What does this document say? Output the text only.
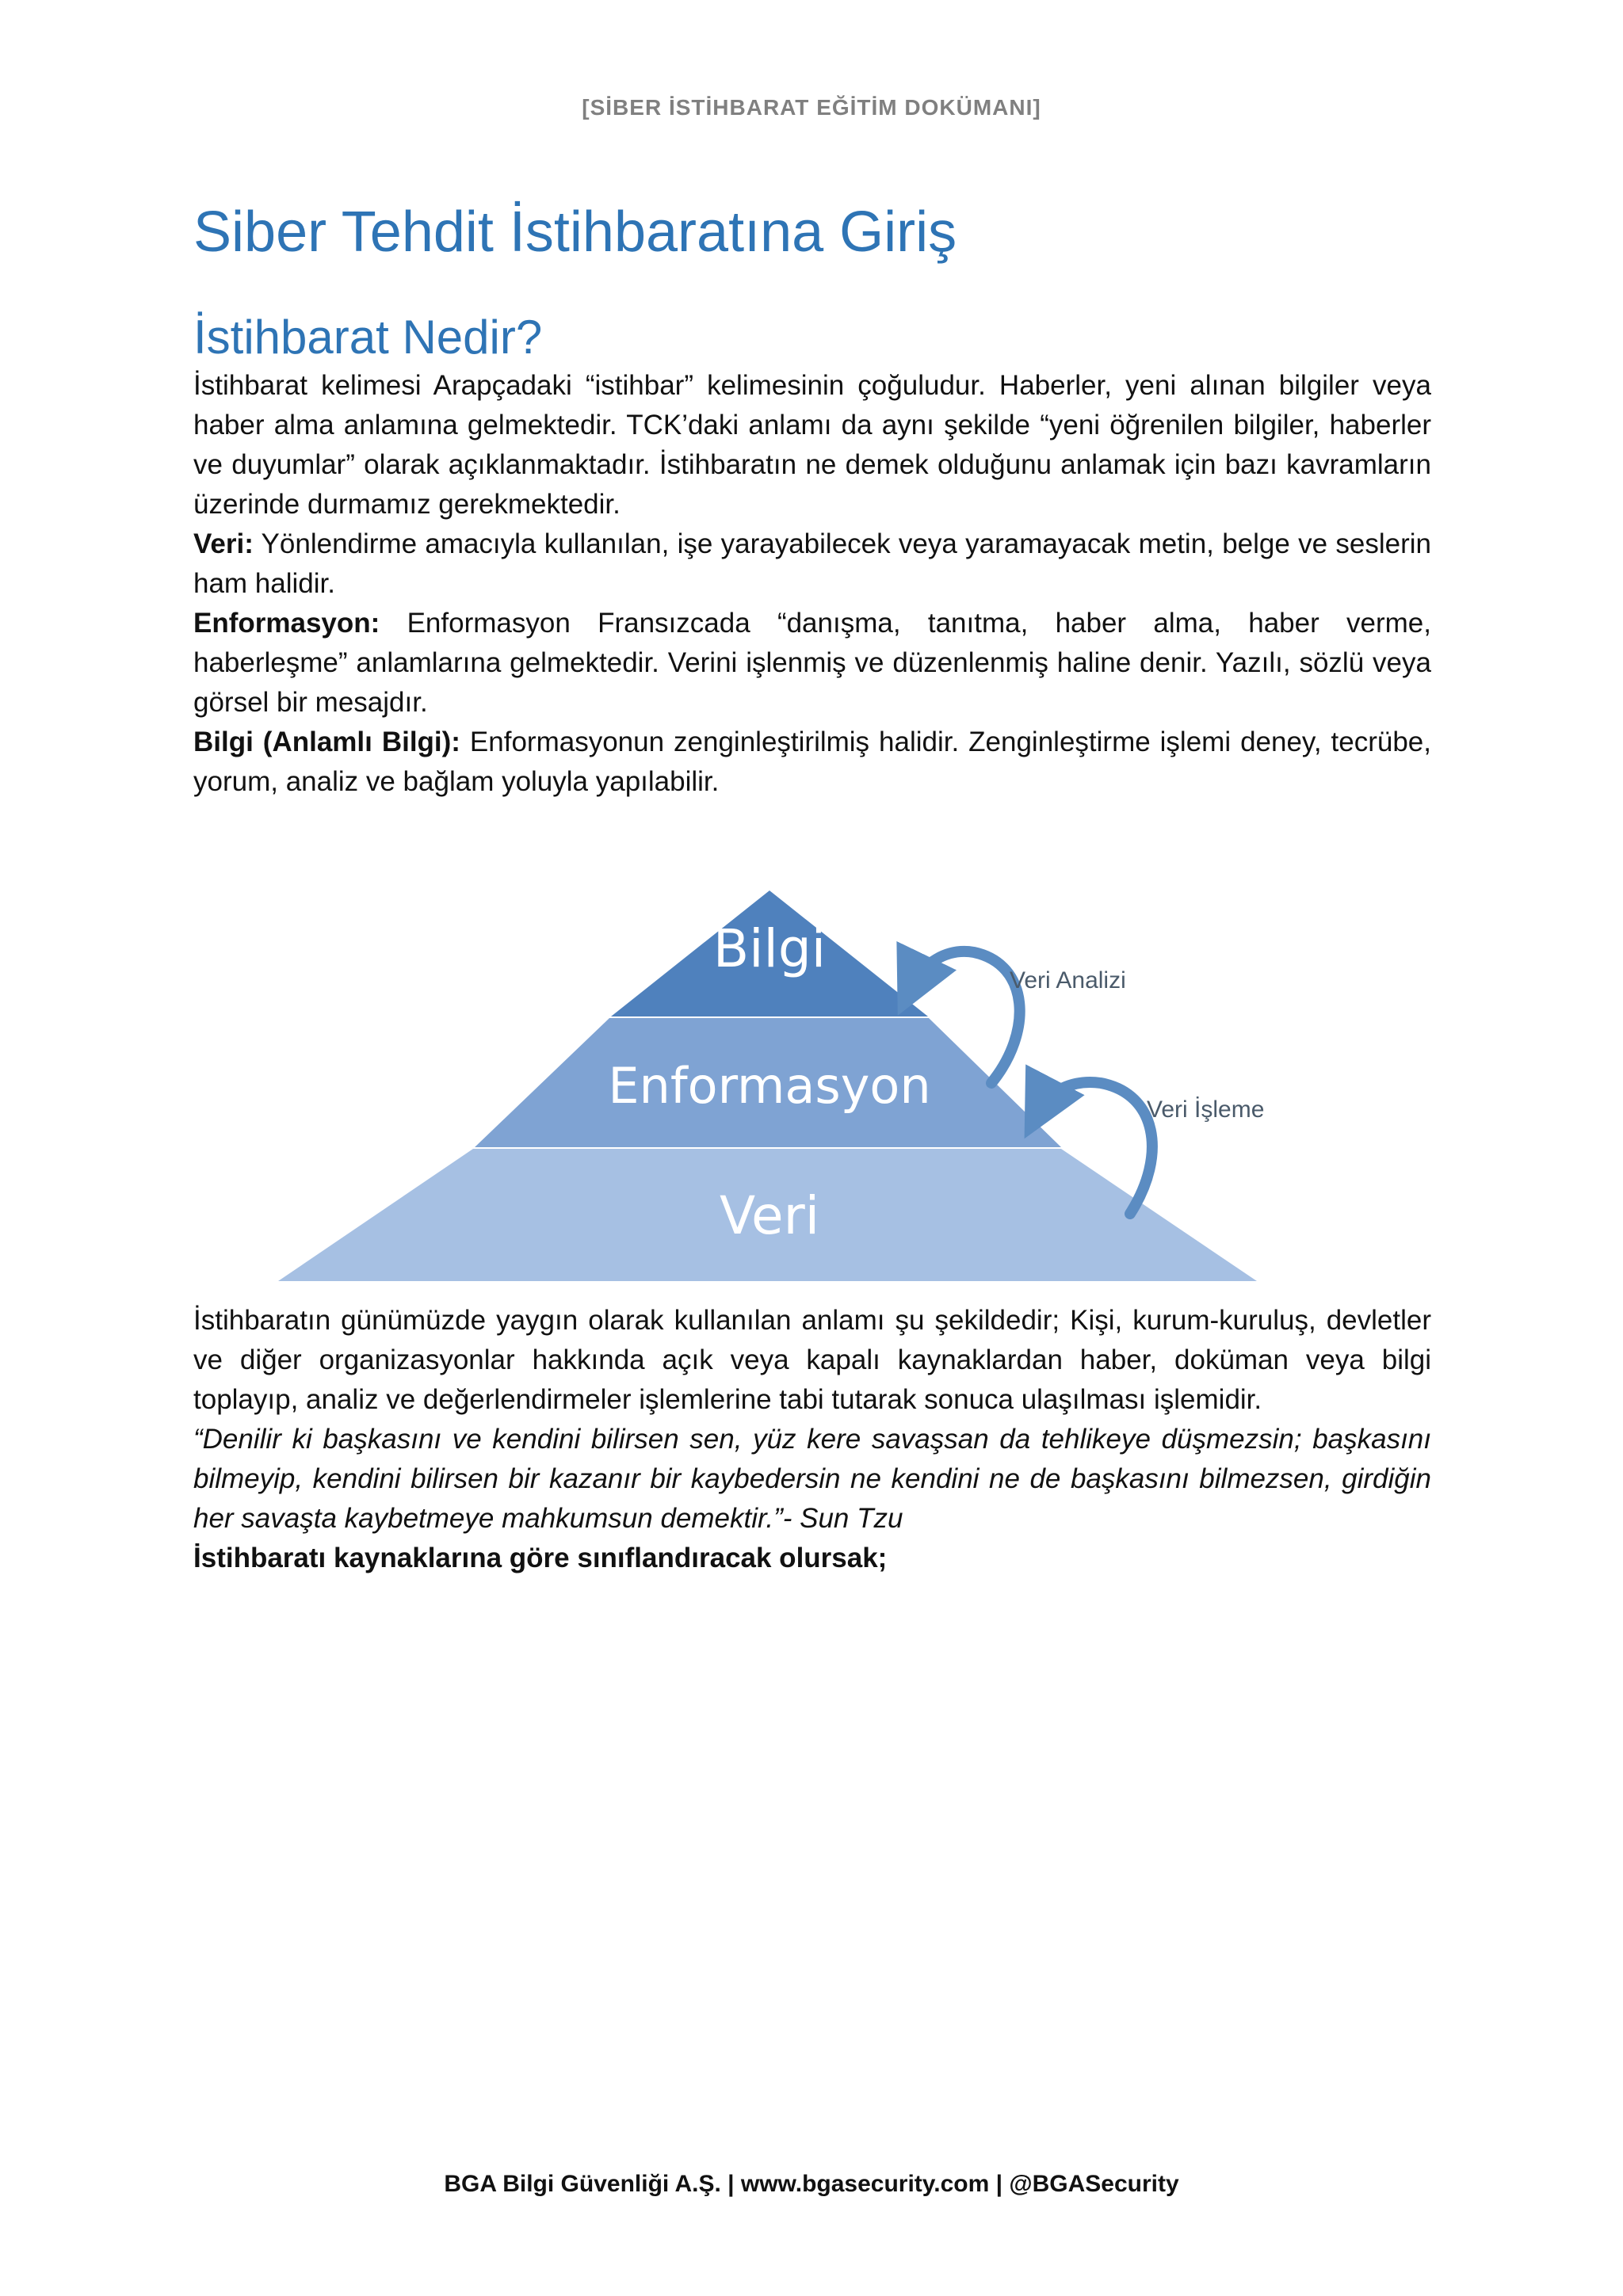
[SİBER İSTİHBARAT EĞİTİM DOKÜMANI]
Siber Tehdit İstihbaratına Giriş
İstihbarat Nedir?

İstihbarat kelimesi Arapçadaki “istihbar” kelimesinin çoğuludur. Haberler, yeni alınan bilgiler veya haber alma anlamına gelmektedir. TCK’daki anlamı da aynı şekilde “yeni öğrenilen bilgiler, haberler ve duyumlar” olarak açıklanmaktadır. İstihbaratın ne demek olduğunu anlamak için bazı kavramların üzerinde durmamız gerekmektedir.

Veri: Yönlendirme amacıyla kullanılan, işe yarayabilecek veya yaramayacak metin, belge ve seslerin ham halidir.

Enformasyon: Enformasyon Fransızcada “danışma, tanıtma, haber alma, haber verme, haberleşme” anlamlarına gelmektedir. Verini işlenmiş ve düzenlenmiş haline denir. Yazılı, sözlü veya görsel bir mesajdır.

Bilgi (Anlamlı Bilgi): Enformasyonun zenginleştirilmiş halidir. Zenginleştirme işlemi deney, tecrübe, yorum, analiz ve bağlam yoluyla yapılabilir.

Bilgi
Enformasyon
Veri
Veri Analizi
Veri İşleme

İstihbaratın günümüzde yaygın olarak kullanılan anlamı şu şekildedir; Kişi, kurum-kuruluş, devletler ve diğer organizasyonlar hakkında açık veya kapalı kaynaklardan haber, doküman veya bilgi toplayıp, analiz ve değerlendirmeler işlemlerine tabi tutarak sonuca ulaşılması işlemidir.

“Denilir ki başkasını ve kendini bilirsen sen, yüz kere savaşsan da tehlikeye düşmezsin; başkasını bilmeyip, kendini bilirsen bir kazanır bir kaybedersin ne kendini ne de başkasını bilmezsen, girdiğin her savaşta kaybetmeye mahkumsun demektir.”- Sun Tzu

İstihbaratı kaynaklarına göre sınıflandıracak olursak;

BGA Bilgi Güvenliği A.Ş. | www.bgasecurity.com | @BGASecurity
